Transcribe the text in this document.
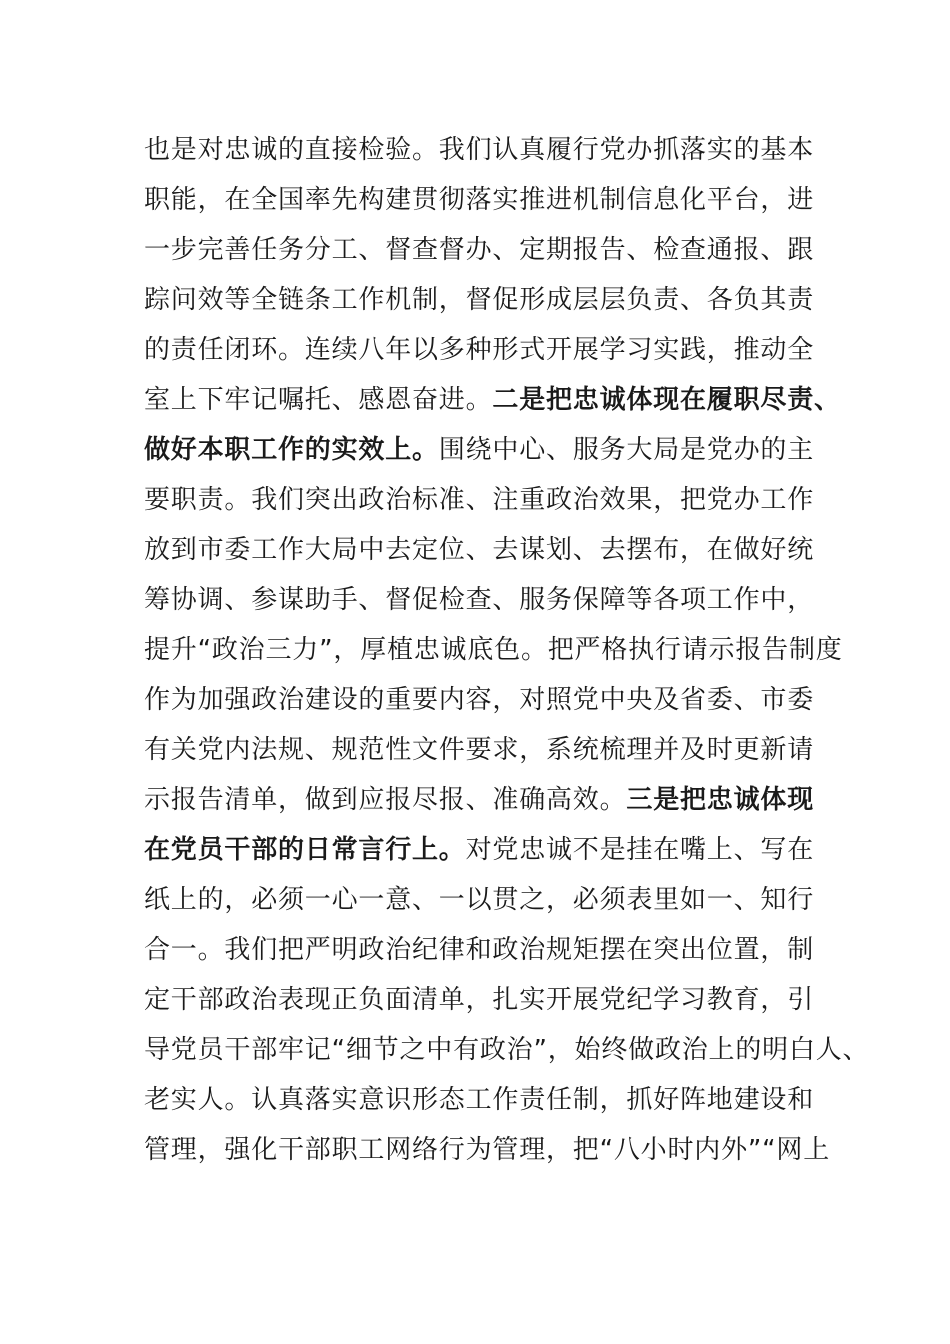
也是对忠诚的直接检验。我们认真履行党办抓落实的基本
职能，在全国率先构建贯彻落实推进机制信息化平台，进
一步完善任务分工、督查督办、定期报告、检查通报、跟
踪问效等全链条工作机制，督促形成层层负责、各负其责
的责任闭环。连续八年以多种形式开展学习实践，推动全
室上下牢记嘱托、感恩奋进。二是把忠诚体现在履职尽责、
做好本职工作的实效上。围绕中心、服务大局是党办的主
要职责。我们突出政治标准、注重政治效果，把党办工作
放到市委工作大局中去定位、去谋划、去摆布，在做好统
筹协调、参谋助手、督促检查、服务保障等各项工作中，
提升“政治三力”，厚植忠诚底色。把严格执行请示报告制度
作为加强政治建设的重要内容，对照党中央及省委、市委
有关党内法规、规范性文件要求，系统梳理并及时更新请
示报告清单，做到应报尽报、准确高效。三是把忠诚体现
在党员干部的日常言行上。对党忠诚不是挂在嘴上、写在
纸上的，必须一心一意、一以贯之，必须表里如一、知行
合一。我们把严明政治纪律和政治规矩摆在突出位置，制
定干部政治表现正负面清单，扎实开展党纪学习教育，引
导党员干部牢记“细节之中有政治”，始终做政治上的明白人、
老实人。认真落实意识形态工作责任制，抓好阵地建设和
管理，强化干部职工网络行为管理，把“八小时内外”“网上
